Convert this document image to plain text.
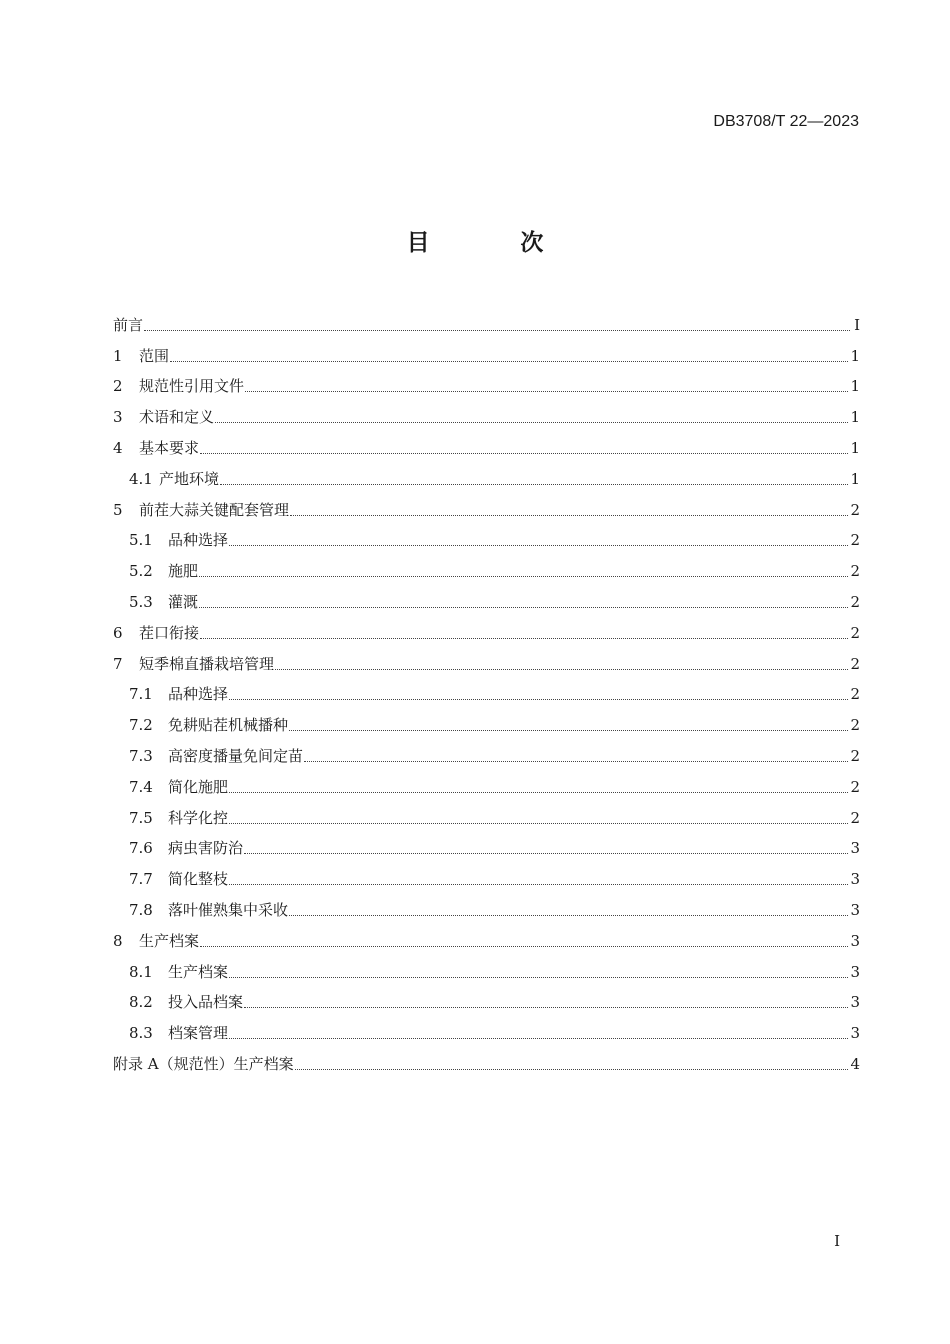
DB3708/T 22—2023
目 次
前言	I
1	范围	1
2	规范性引用文件	1
3	术语和定义	1
4	基本要求	1
4.1 产地环境	1
5	前茬大蒜关键配套管理	2
5.1	品种选择	2
5.2	施肥	2
5.3	灌溉	2
6	茬口衔接	2
7	短季棉直播栽培管理	2
7.1	品种选择	2
7.2	免耕贴茬机械播种	2
7.3	高密度播量免间定苗	2
7.4	简化施肥	2
7.5	科学化控	2
7.6	病虫害防治	3
7.7	简化整枝	3
7.8	落叶催熟集中采收	3
8	生产档案	3
8.1	生产档案	3
8.2	投入品档案	3
8.3	档案管理	3
附录 A（规范性）生产档案	4
I
